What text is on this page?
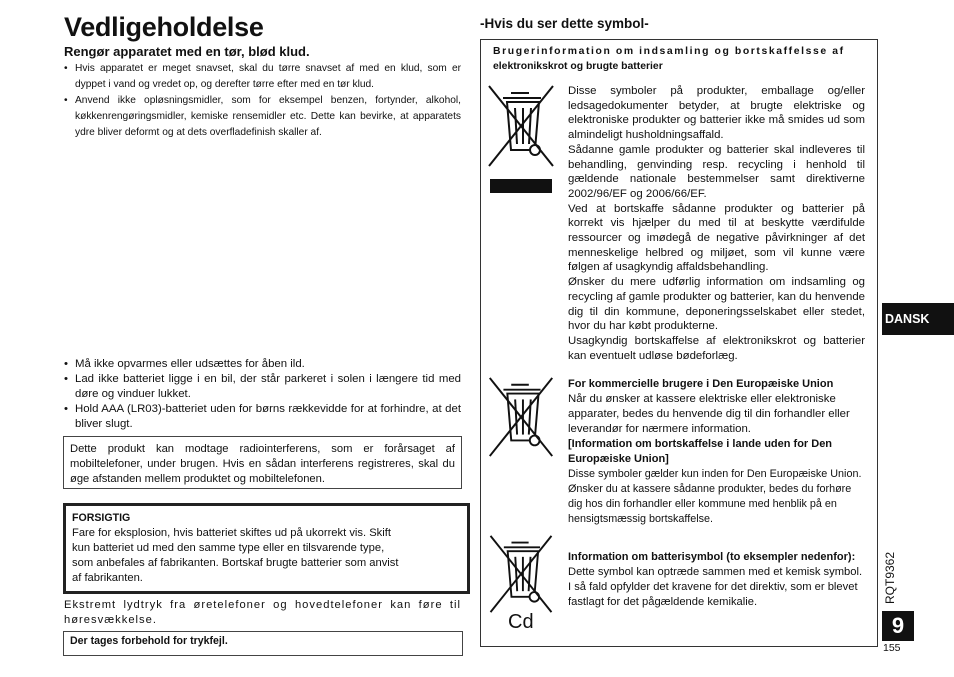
Vedligeholdelse
Rengør apparatet med en tør, blød klud.
• Hvis apparatet er meget snavset, skal du tørre snavset af med en klud, som er dyppet i vand og vredet op, og derefter tørre efter med en tør klud.
• Anvend ikke opløsningsmidler, som for eksempel benzen, fortynder, alkohol, køkkenrengøringsmidler, kemiske rensemidler etc. Dette kan bevirke, at apparatets ydre bliver deformt og at dets overfladefinish skaller af.
• Må ikke opvarmes eller udsættes for åben ild.
• Lad ikke batteriet ligge i en bil, der står parkeret i solen i længere tid med døre og vinduer lukket.
• Hold AAA (LR03)-batteriet uden for børns rækkevidde for at forhindre, at det bliver slugt.
Dette produkt kan modtage radiointerferens, som er forårsaget af mobiltelefoner, under brugen. Hvis en sådan interferens registreres, skal du øge afstanden mellem produktet og mobiltelefonen.
FORSIGTIG
Fare for eksplosion, hvis batteriet skiftes ud på ukorrekt vis. Skift
kun batteriet ud med den samme type eller en tilsvarende type,
som anbefales af fabrikanten. Bortskaf brugte batterier som anvist
af fabrikanten.
Ekstremt lydtryk fra øretelefoner og hovedtelefoner kan føre til høresvækkelse.
Der tages forbehold for trykfejl.
-Hvis du ser dette symbol-
Brugerinformation om indsamling og bortskaffelsse af
elektronikskrot og brugte batterier
Cd
Disse symboler på produkter, emballage og/eller ledsagedokumenter betyder, at brugte elektriske og elektroniske produkter og batterier ikke må smides ud som almindeligt husholdningsaffald.
Sådanne gamle produkter og batterier skal indleveres til behandling, genvinding resp. recycling i henhold til gældende nationale bestemmelser samt direktiverne 2002/96/EF og 2006/66/EF.
Ved at bortskaffe sådanne produkter og batterier på korrekt vis hjælper du med til at beskytte værdifulde ressourcer og imødegå de negative påvirkninger af det menneskelige helbred og miljøet, som vil kunne være følgen af usagkyndig affaldsbehandling.
Ønsker du mere udførlig information om indsamling og recycling af gamle produkter og batterier, kan du henvende dig til din kommune, deponeringsselskabet eller stedet, hvor du har købt produkterne.
Usagkyndig bortskaffelse af elektronikskrot og batterier kan eventuelt udløse bødeforlæg.
For kommercielle brugere i Den Europæiske Union
Når du ønsker at kassere elektriske eller elektroniske apparater, bedes du henvende dig til din forhandler eller leverandør for nærmere information.
[Information om bortskaffelse i lande uden for Den Europæiske Union]
Disse symboler gælder kun inden for Den Europæiske Union. Ønsker du at kassere sådanne produkter, bedes du forhøre dig hos din forhandler eller kommune med henblik på en hensigtsmæssig bortskaffelse.
Information om batterisymbol (to eksempler nedenfor):
Dette symbol kan optræde sammen med et kemisk symbol. I så fald opfylder det kravene for det direktiv, som er blevet fastlagt for det pågældende kemikalie.
DANSK
RQT9362
9
155
